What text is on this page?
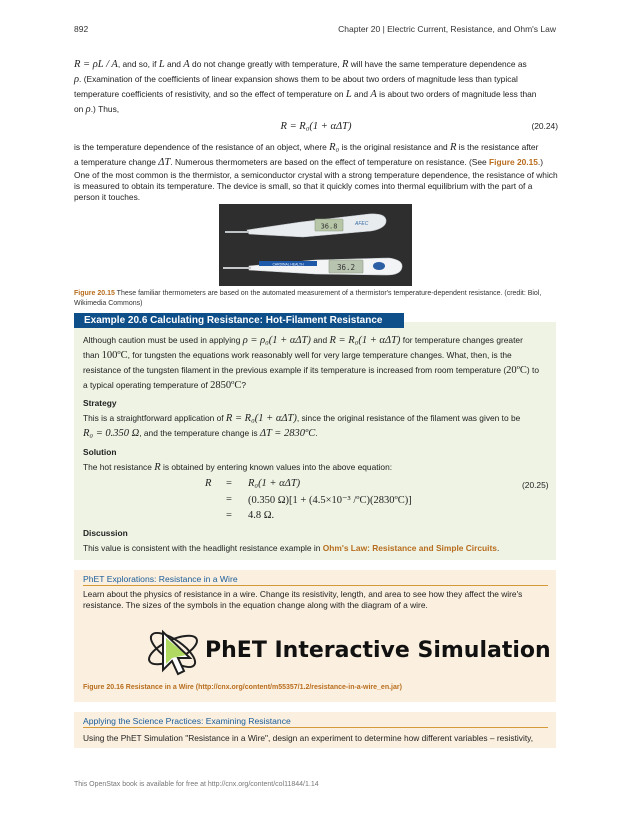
892	Chapter 20 | Electric Current, Resistance, and Ohm's Law

R = ρL / A, and so, if L and A do not change greatly with temperature, R will have the same temperature dependence as

ρ. (Examination of the coefficients of linear expansion shows them to be about two orders of magnitude less than typical

temperature coefficients of resistivity, and so the effect of temperature on L and A is about two orders of magnitude less than

on ρ.) Thus,

R = R₀(1 + αΔT)	(20.24)

is the temperature dependence of the resistance of an object, where R₀ is the original resistance and R is the resistance after

a temperature change ΔT. Numerous thermometers are based on the effect of temperature on resistance. (See Figure 20.15.)

One of the most common is the thermistor, a semiconductor crystal with a strong temperature dependence, the resistance of which is measured to obtain its temperature. The device is small, so that it quickly comes into thermal equilibrium with the part of a person it touches.

36.8	AFEC
CARDINAL HEALTH	36.2
Figure 20.15 These familiar thermometers are based on the automated measurement of a thermistor's temperature-dependent resistance. (credit: Biol, Wikimedia Commons)
Example 20.6 Calculating Resistance: Hot-Filament Resistance

Although caution must be used in applying ρ = ρ₀(1 + αΔT) and R = R₀(1 + αΔT) for temperature changes greater

than 100ºC, for tungsten the equations work reasonably well for very large temperature changes. What, then, is the

resistance of the tungsten filament in the previous example if its temperature is increased from room temperature (20ºC) to

a typical operating temperature of 2850ºC?

Strategy

This is a straightforward application of R = R₀(1 + αΔT), since the original resistance of the filament was given to be

R₀ = 0.350 Ω, and the temperature change is ΔT = 2830ºC.

Solution

The hot resistance R is obtained by entering known values into the above equation:

R = R₀(1 + αΔT)
= (0.350 Ω)[1 + (4.5×10⁻³ /ºC)(2830ºC)]
= 4.8 Ω.
(20.25)

Discussion

This value is consistent with the headlight resistance example in Ohm's Law: Resistance and Simple Circuits.

PhET Explorations: Resistance in a Wire
Learn about the physics of resistance in a wire. Change its resistivity, length, and area to see how they affect the wire's resistance. The sizes of the symbols in the equation change along with the diagram of a wire.
PhET Interactive Simulation
Figure 20.16 Resistance in a Wire (http://cnx.org/content/m55357/1.2/resistance-in-a-wire_en.jar)
Applying the Science Practices: Examining Resistance
Using the PhET Simulation "Resistance in a Wire", design an experiment to determine how different variables – resistivity,
This OpenStax book is available for free at http://cnx.org/content/col11844/1.14
